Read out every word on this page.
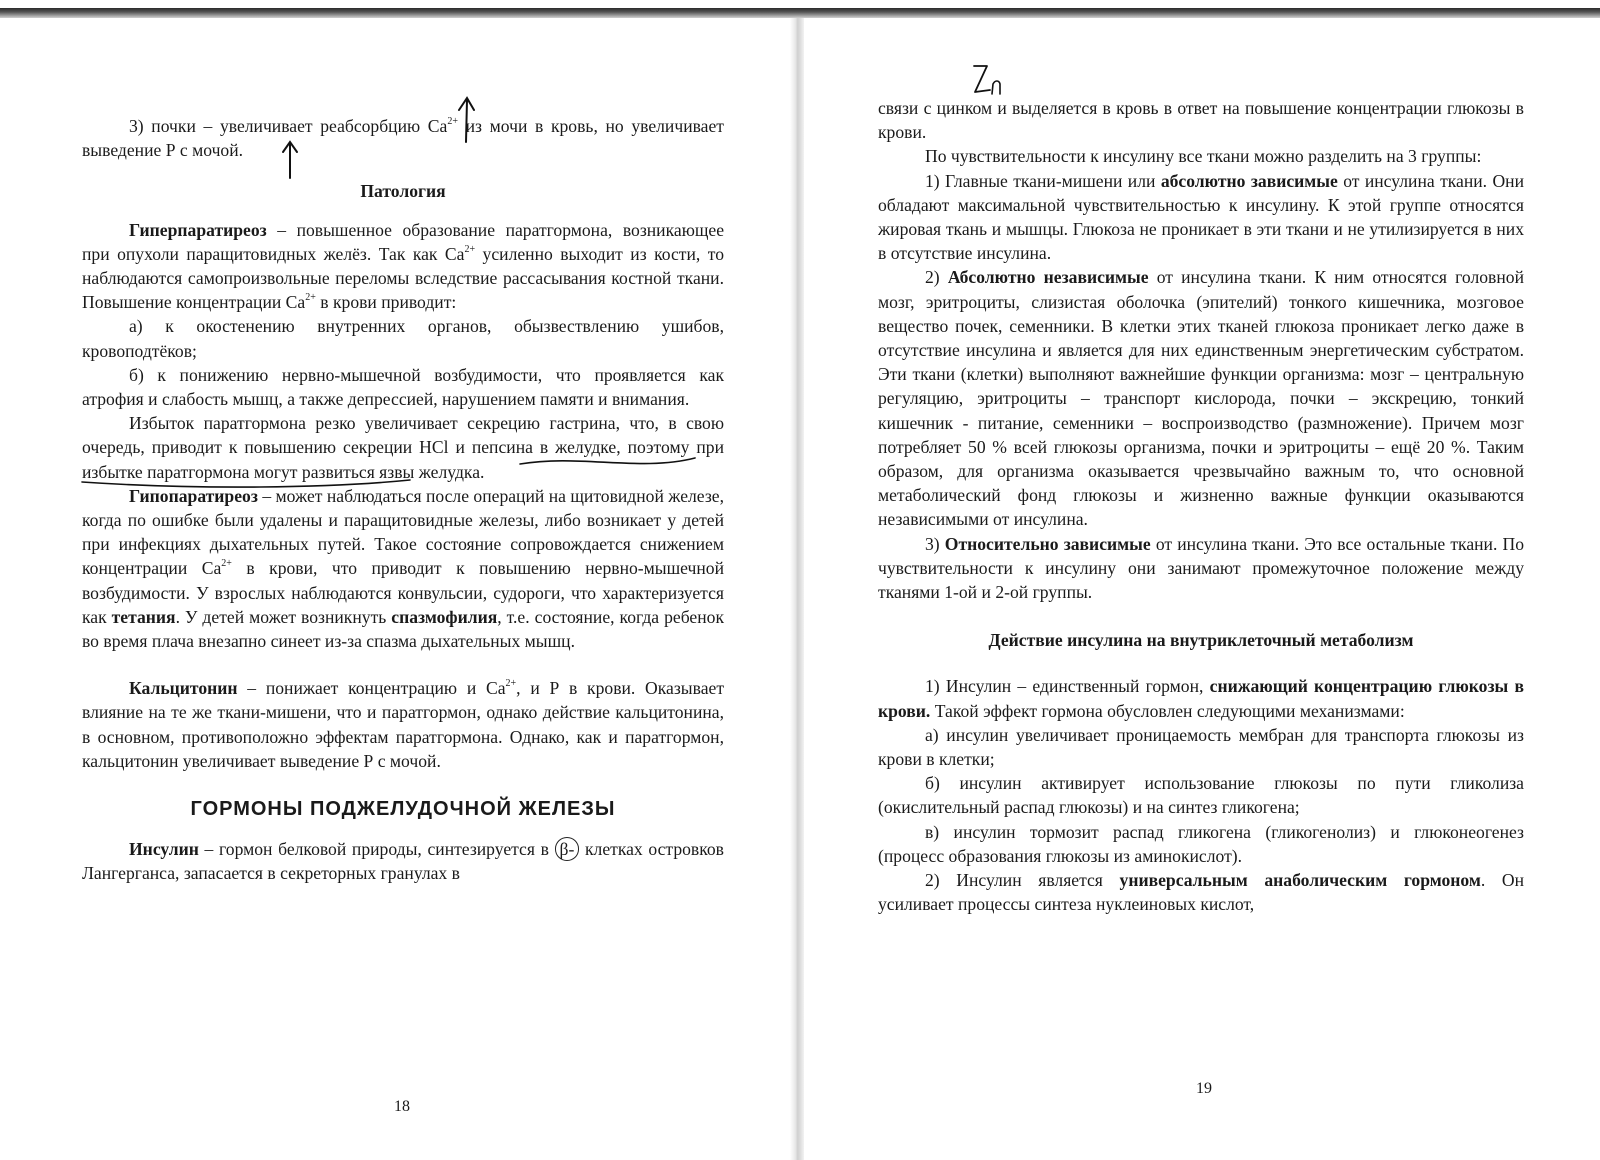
3) почки – увеличивает реабсорбцию $Ca^{2+}$ из мочи в кровь, но увеличивает выведение Р с мочой.

Патология

Гиперпаратиреоз – повышенное образование паратгормона, возникающее при опухоли паращитовидных желёз. Так как $Ca^{2+}$ усиленно выходит из кости, то наблюдаются самопроизвольные переломы вследствие рассасывания костной ткани. Повышение концентрации $Ca^{2+}$ в крови приводит:

а) к окостенению внутренних органов, обызвествлению ушибов, кровоподтёков;

б) к понижению нервно-мышечной возбудимости, что проявляется как атрофия и слабость мышц, а также депрессией, нарушением памяти и внимания.

Избыток паратгормона резко увеличивает секрецию гастрина, что, в свою очередь, приводит к повышению секреции HCl и пепсина в желудке, поэтому при избытке паратгормона могут развиться язвы желудка.

Гипопаратиреоз – может наблюдаться после операций на щитовидной железе, когда по ошибке были удалены и паращитовидные железы, либо возникает у детей при инфекциях дыхательных путей. Такое состояние сопровождается снижением концентрации $Ca^{2+}$ в крови, что приводит к повышению нервно-мышечной возбудимости. У взрослых наблюдаются конвульсии, судороги, что характеризуется как тетания. У детей может возникнуть спазмофилия, т.е. состояние, когда ребенок во время плача внезапно синеет из-за спазма дыхательных мышц.

Кальцитонин – понижает концентрацию и $Ca^{2+}$, и Р в крови. Оказывает влияние на те же ткани-мишени, что и паратгормон, однако действие кальцитонина, в основном, противоположно эффектам паратгормона. Однако, как и паратгормон, кальцитонин увеличивает выведение Р с мочой.

ГОРМОНЫ ПОДЖЕЛУДОЧНОЙ ЖЕЛЕЗЫ

Инсулин – гормон белковой природы, синтезируется в β- клетках островков Лангерганса, запасается в секреторных гранулах в

18

связи с цинком и выделяется в кровь в ответ на повышение концентрации глюкозы в крови.

По чувствительности к инсулину все ткани можно разделить на 3 группы:

1) Главные ткани-мишени или абсолютно зависимые от инсулина ткани. Они обладают максимальной чувствительностью к инсулину. К этой группе относятся жировая ткань и мышцы. Глюкоза не проникает в эти ткани и не утилизируется в них в отсутствие инсулина.

2) Абсолютно независимые от инсулина ткани. К ним относятся головной мозг, эритроциты, слизистая оболочка (эпителий) тонкого кишечника, мозговое вещество почек, семенники. В клетки этих тканей глюкоза проникает легко даже в отсутствие инсулина и является для них единственным энергетическим субстратом. Эти ткани (клетки) выполняют важнейшие функции организма: мозг – центральную регуляцию, эритроциты – транспорт кислорода, почки – экскрецию, тонкий кишечник - питание, семенники – воспроизводство (размножение). Причем мозг потребляет 50 % всей глюкозы организма, почки и эритроциты – ещё 20 %. Таким образом, для организма оказывается чрезвычайно важным то, что основной метаболический фонд глюкозы и жизненно важные функции оказываются независимыми от инсулина.

3) Относительно зависимые от инсулина ткани. Это все остальные ткани. По чувствительности к инсулину они занимают промежуточное положение между тканями 1-ой и 2-ой группы.

Действие инсулина на внутриклеточный метаболизм

1) Инсулин – единственный гормон, снижающий концентрацию глюкозы в крови. Такой эффект гормона обусловлен следующими механизмами:

а) инсулин увеличивает проницаемость мембран для транспорта глюкозы из крови в клетки;

б) инсулин активирует использование глюкозы по пути гликолиза (окислительный распад глюкозы) и на синтез гликогена;

в) инсулин тормозит распад гликогена (гликогенолиз) и глюконеогенез (процесс образования глюкозы из аминокислот).

2) Инсулин является универсальным анаболическим гормоном. Он усиливает процессы синтеза нуклеиновых кислот,

19
